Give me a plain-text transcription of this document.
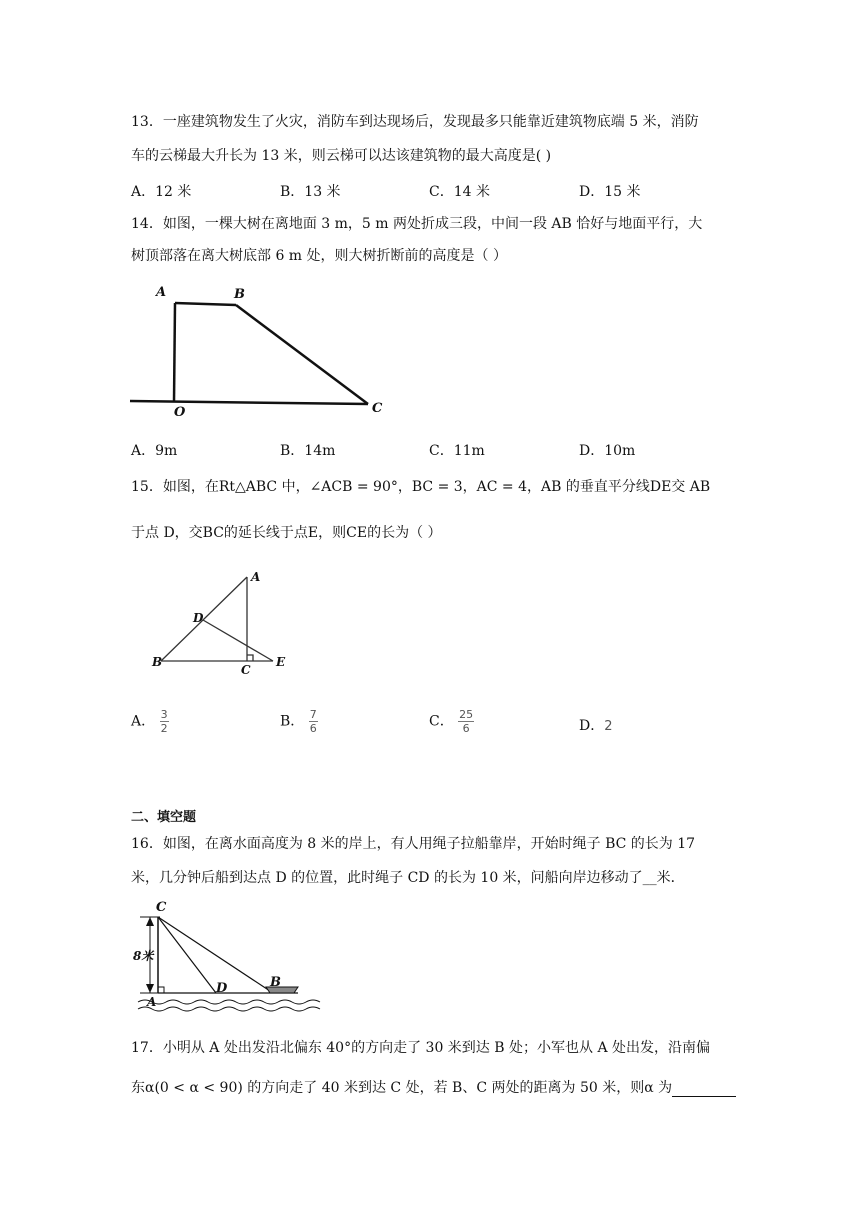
13．一座建筑物发生了火灾，消防车到达现场后，发现最多只能靠近建筑物底端 5 米，消防
车的云梯最大升长为 13 米，则云梯可以达该建筑物的最大高度是( )
A．12 米	B．13 米	C．14 米	D．15 米
14．如图，一棵大树在离地面 3 m，5 m 两处折成三段，中间一段 AB 恰好与地面平行，大
树顶部落在离大树底部 6 m 处，则大树折断前的高度是（ ）
A	B
O	C
A．9m	B．14m	C．11m	D．10m
15．如图，在Rt△ABC 中，∠ACB = 90°，BC = 3，AC = 4，AB 的垂直平分线DE交 AB
于点 D，交BC的延长线于点E，则CE的长为（ ）
A
D
B
C
E
A． $\frac{3}{2}$	B． $\frac{7}{6}$	C． $\frac{25}{6}$	D．2
二、填空题
16．如图，在离水面高度为 8 米的岸上，有人用绳子拉船靠岸，开始时绳子 BC 的长为 17
米，几分钟后船到达点 D 的位置，此时绳子 CD 的长为 10 米，问船向岸边移动了__米．
C
8米
A
D	B
17．小明从 A 处出发沿北偏东 40°的方向走了 30 米到达 B 处；小军也从 A 处出发，沿南偏
东α(0 < α < 90) 的方向走了 40 米到达 C 处，若 B、C 两处的距离为 50 米，则α 为
